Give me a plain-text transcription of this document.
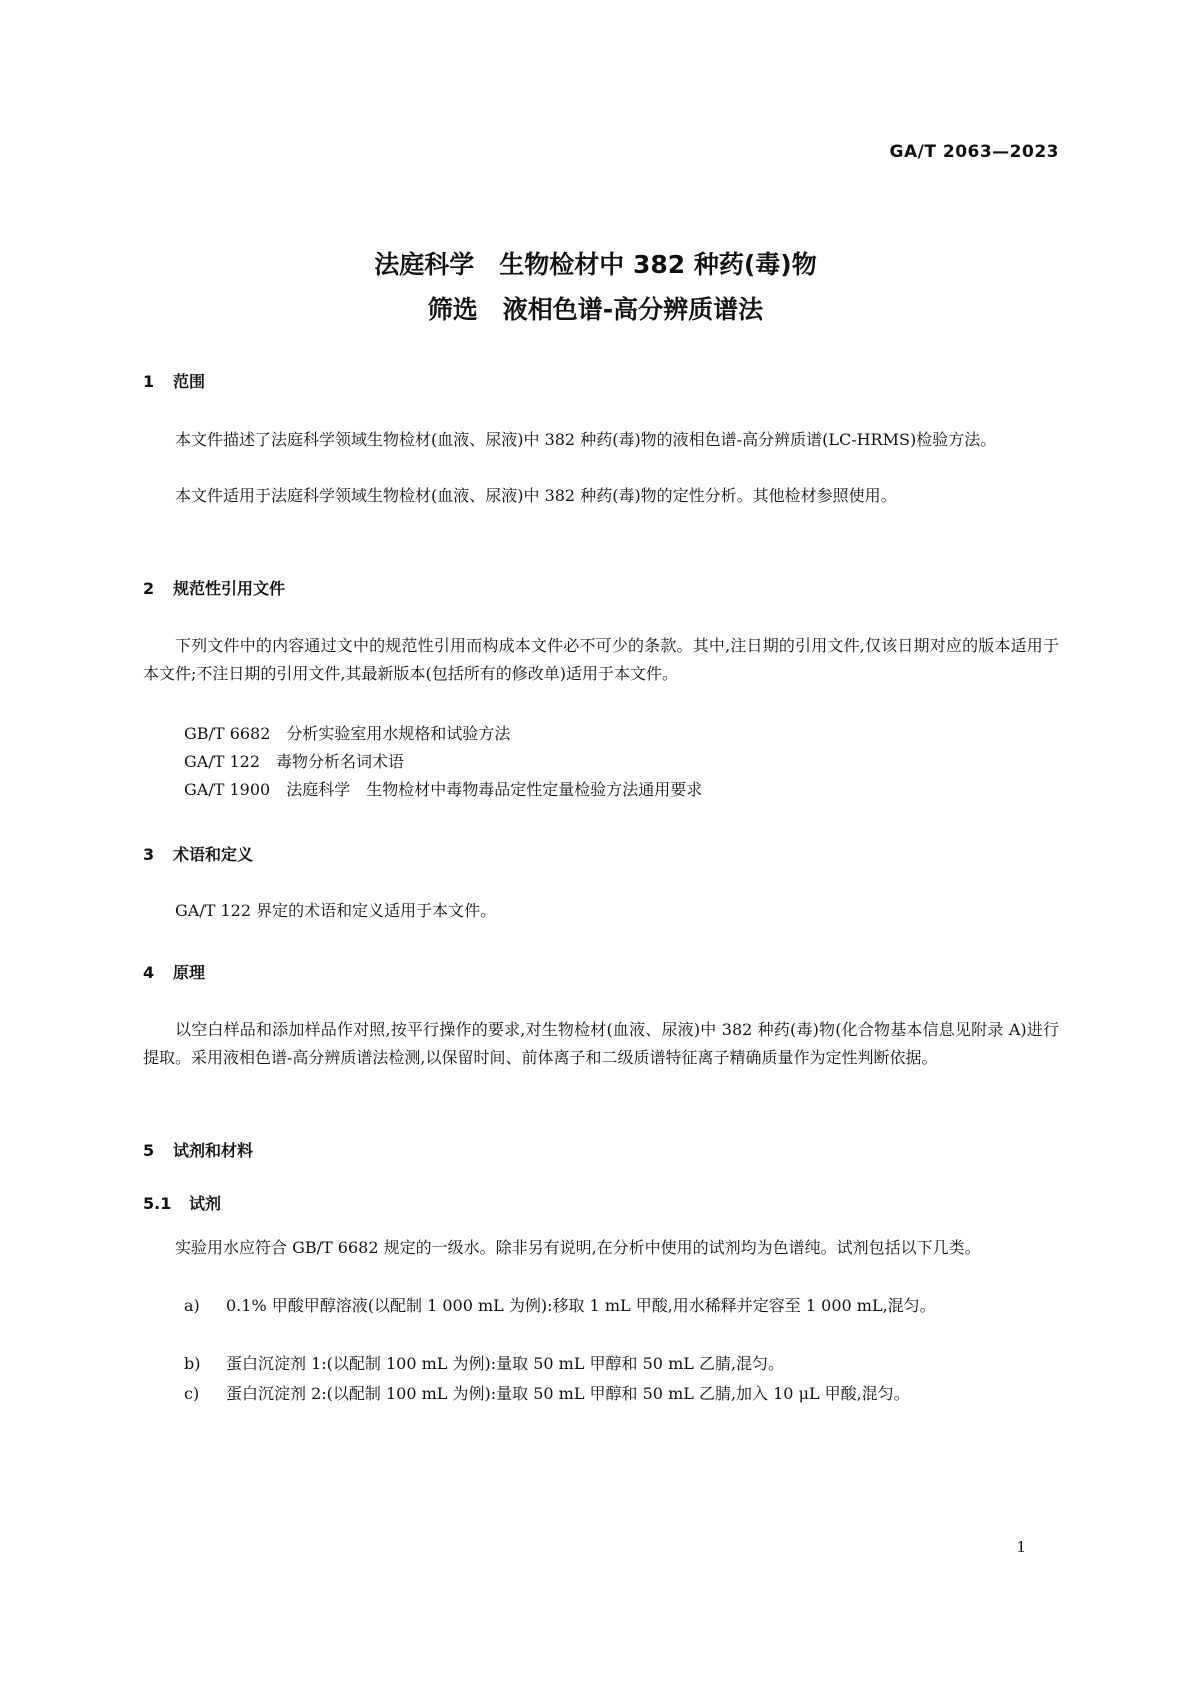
GA/T 2063—2023
法庭科学　生物检材中 382 种药(毒)物
筛选　液相色谱-高分辨质谱法
1 范围
本文件描述了法庭科学领域生物检材(血液、尿液)中 382 种药(毒)物的液相色谱-高分辨质谱(LC-HRMS)检验方法。
本文件适用于法庭科学领域生物检材(血液、尿液)中 382 种药(毒)物的定性分析。其他检材参照使用。
2 规范性引用文件
下列文件中的内容通过文中的规范性引用而构成本文件必不可少的条款。其中,注日期的引用文件,仅该日期对应的版本适用于本文件;不注日期的引用文件,其最新版本(包括所有的修改单)适用于本文件。
GB/T 6682　分析实验室用水规格和试验方法
GA/T 122　毒物分析名词术语
GA/T 1900　法庭科学　生物检材中毒物毒品定性定量检验方法通用要求
3 术语和定义
GA/T 122 界定的术语和定义适用于本文件。
4 原理
以空白样品和添加样品作对照,按平行操作的要求,对生物检材(血液、尿液)中 382 种药(毒)物(化合物基本信息见附录 A)进行提取。采用液相色谱-高分辨质谱法检测,以保留时间、前体离子和二级质谱特征离子精确质量作为定性判断依据。
5 试剂和材料
5.1 试剂
实验用水应符合 GB/T 6682 规定的一级水。除非另有说明,在分析中使用的试剂均为色谱纯。试剂包括以下几类。
a) 0.1% 甲酸甲醇溶液(以配制 1 000 mL 为例):移取 1 mL 甲酸,用水稀释并定容至 1 000 mL,混匀。
b) 蛋白沉淀剂 1:(以配制 100 mL 为例):量取 50 mL 甲醇和 50 mL 乙腈,混匀。
c) 蛋白沉淀剂 2:(以配制 100 mL 为例):量取 50 mL 甲醇和 50 mL 乙腈,加入 10 μL 甲酸,混匀。
1
